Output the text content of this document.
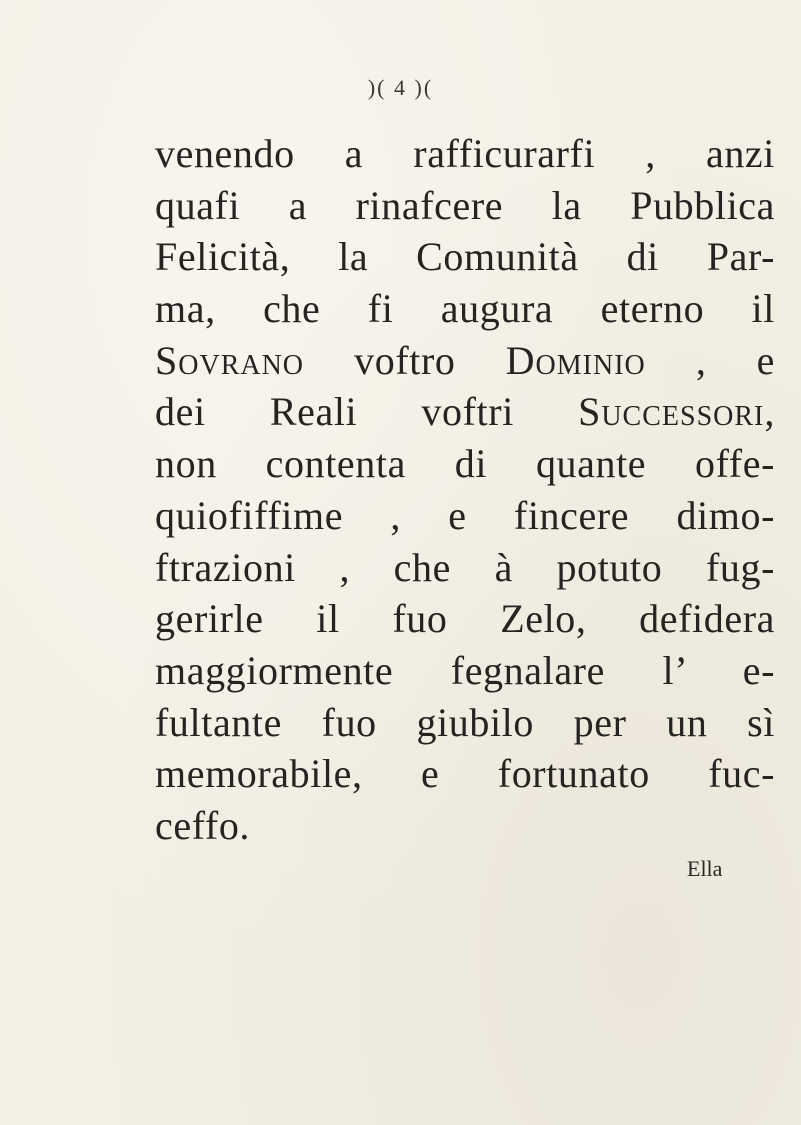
)( 4 )(
venendo a rafficurarfi , anzi
quafi a rinafcere la Pubblica
Felicità, la Comunità di Par-
ma, che fi augura eterno il
Sovrano voftro Dominio , e
dei Reali voftri Successori,
non contenta di quante offe-
quiofiffime , e fincere dimo-
ftrazioni , che à potuto fug-
gerirle il fuo Zelo, defidera
maggiormente fegnalare l’ e-
fultante fuo giubilo per un sì
memorabile, e fortunato fuc-
ceffo.
Ella
